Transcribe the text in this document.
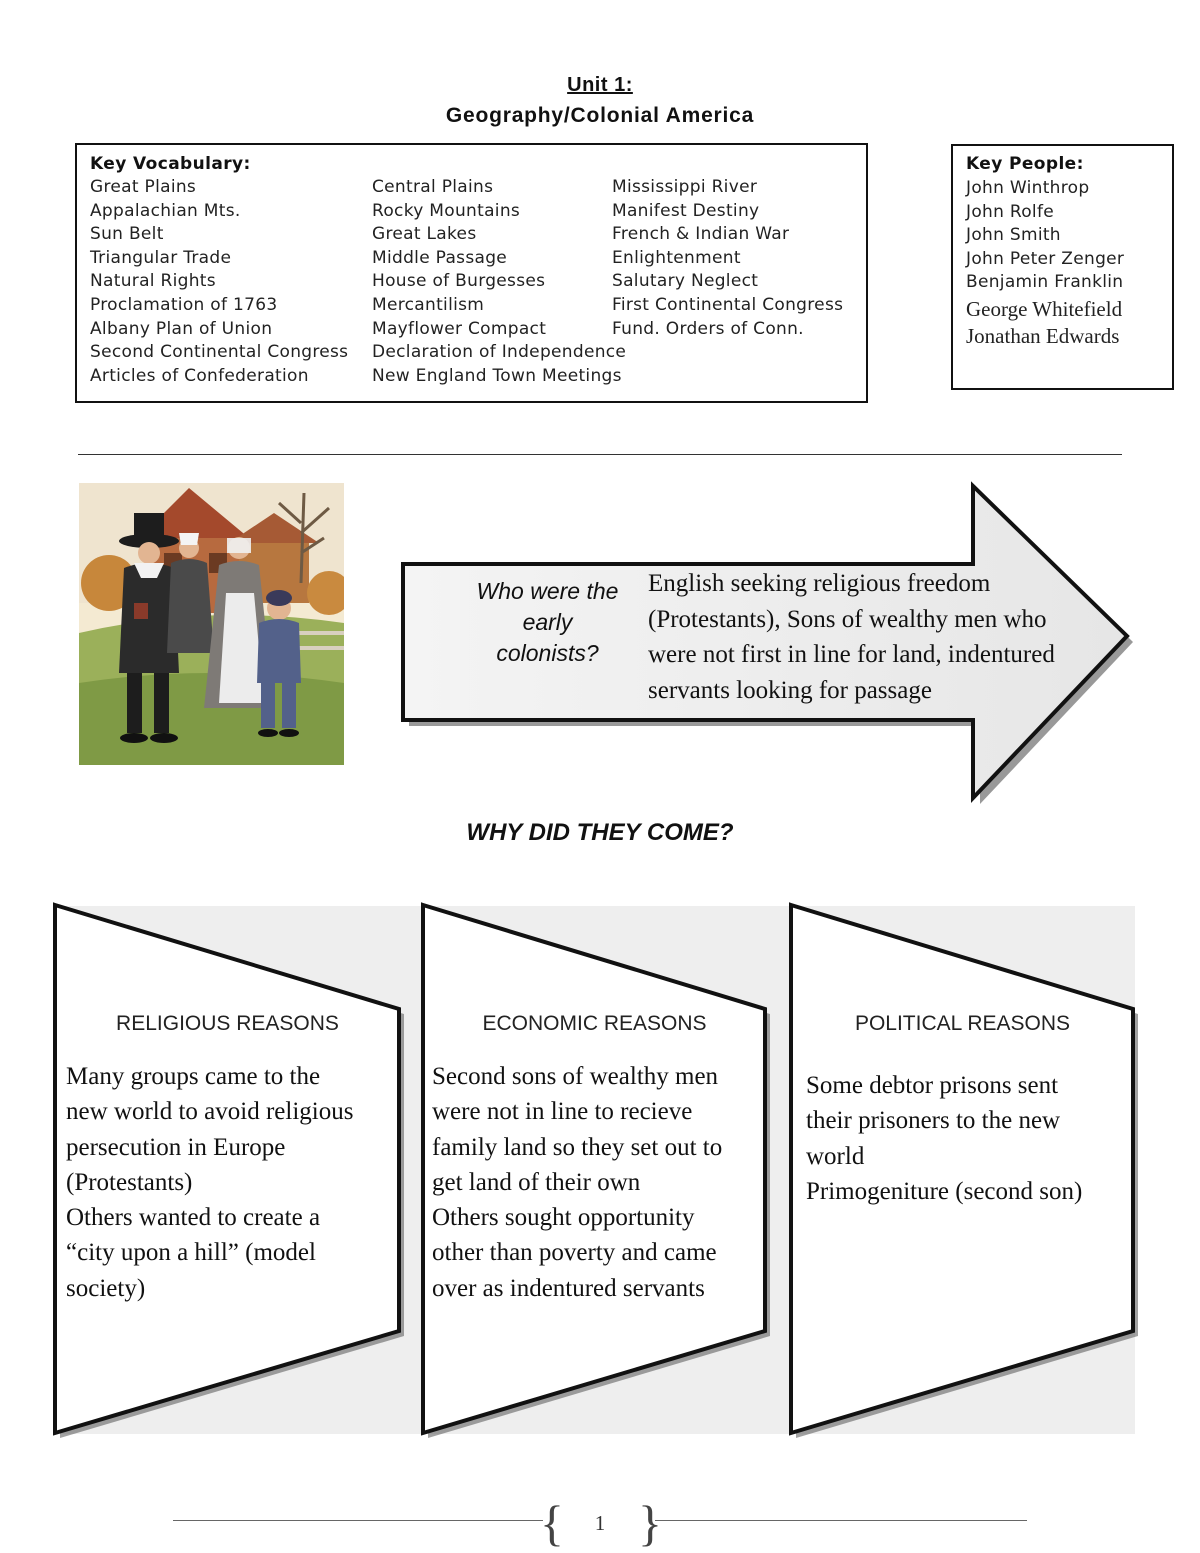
Unit 1:
Geography/Colonial America
Key Vocabulary:
Great Plains
Appalachian Mts.
Sun Belt
Triangular Trade
Natural Rights
Proclamation of 1763
Albany Plan of Union
Second Continental Congress
Articles of Confederation
Central Plains
Rocky Mountains
Great Lakes
Middle Passage
House of Burgesses
Mercantilism
Mayflower Compact
Declaration of Independence
New England Town Meetings
Mississippi River
Manifest Destiny
French & Indian War
Enlightenment
Salutary Neglect
First Continental Congress
Fund. Orders of Conn.
Key People:
John Winthrop
John Rolfe
John Smith
John Peter Zenger
Benjamin Franklin
George Whitefield
Jonathan Edwards
Who were the
early
colonists?
English seeking religious freedom
(Protestants), Sons of wealthy men who
were not first in line for land, indentured
servants looking for passage
WHY DID THEY COME?
RELIGIOUS REASONS	ECONOMIC REASONS	POLITICAL REASONS
Many groups came to the
new world to avoid religious
persecution in Europe
(Protestants)
Others wanted to create a
“city upon a hill” (model
society)
Second sons of wealthy men
were not in line to recieve
family land so they set out to
get land of their own
Others sought opportunity
other than poverty and came
over as indentured servants
Some debtor prisons sent
their prisoners to the new
world
Primogeniture (second son)
{ }
1
